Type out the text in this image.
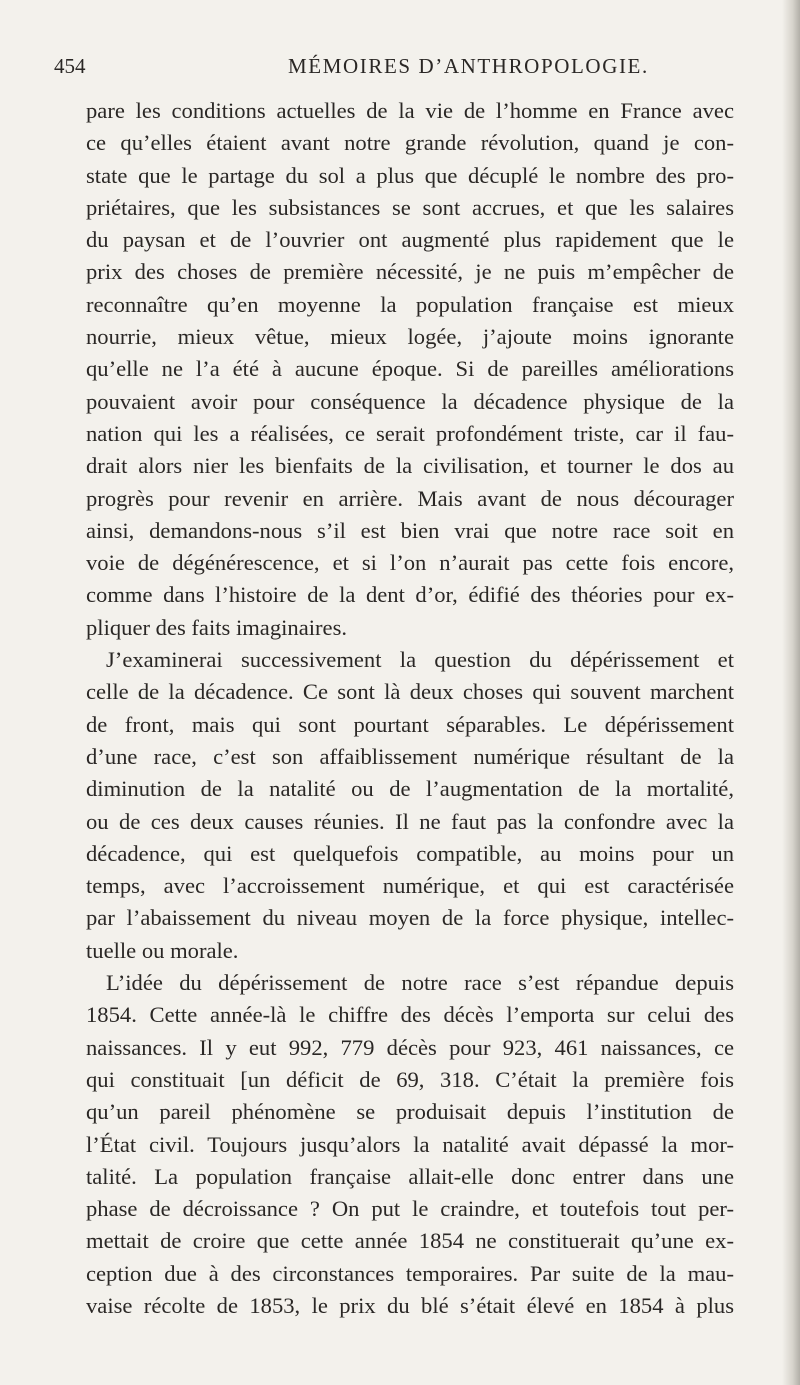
454	MÉMOIRES D’ANTHROPOLOGIE.
pare les conditions actuelles de la vie de l’homme en France avec
ce qu’elles étaient avant notre grande révolution, quand je con-
state que le partage du sol a plus que décuplé le nombre des pro-
priétaires, que les subsistances se sont accrues, et que les salaires
du paysan et de l’ouvrier ont augmenté plus rapidement que le
prix des choses de première nécessité, je ne puis m’empêcher de
reconnaître qu’en moyenne la population française est mieux
nourrie, mieux vêtue, mieux logée, j’ajoute moins ignorante
qu’elle ne l’a été à aucune époque. Si de pareilles améliorations
pouvaient avoir pour conséquence la décadence physique de la
nation qui les a réalisées, ce serait profondément triste, car il fau-
drait alors nier les bienfaits de la civilisation, et tourner le dos au
progrès pour revenir en arrière. Mais avant de nous décourager
ainsi, demandons-nous s’il est bien vrai que notre race soit en
voie de dégénérescence, et si l’on n’aurait pas cette fois encore,
comme dans l’histoire de la dent d’or, édifié des théories pour ex-
pliquer des faits imaginaires.
J’examinerai successivement la question du dépérissement et
celle de la décadence. Ce sont là deux choses qui souvent marchent
de front, mais qui sont pourtant séparables. Le dépérissement
d’une race, c’est son affaiblissement numérique résultant de la
diminution de la natalité ou de l’augmentation de la mortalité,
ou de ces deux causes réunies. Il ne faut pas la confondre avec la
décadence, qui est quelquefois compatible, au moins pour un
temps, avec l’accroissement numérique, et qui est caractérisée
par l’abaissement du niveau moyen de la force physique, intellec-
tuelle ou morale.
L’idée du dépérissement de notre race s’est répandue depuis
1854. Cette année-là le chiffre des décès l’emporta sur celui des
naissances. Il y eut 992, 779 décès pour 923, 461 naissances, ce
qui constituait [un déficit de 69, 318. C’était la première fois
qu’un pareil phénomène se produisait depuis l’institution de
l’État civil. Toujours jusqu’alors la natalité avait dépassé la mor-
talité. La population française allait-elle donc entrer dans une
phase de décroissance ? On put le craindre, et toutefois tout per-
mettait de croire que cette année 1854 ne constituerait qu’une ex-
ception due à des circonstances temporaires. Par suite de la mau-
vaise récolte de 1853, le prix du blé s’était élevé en 1854 à plus
